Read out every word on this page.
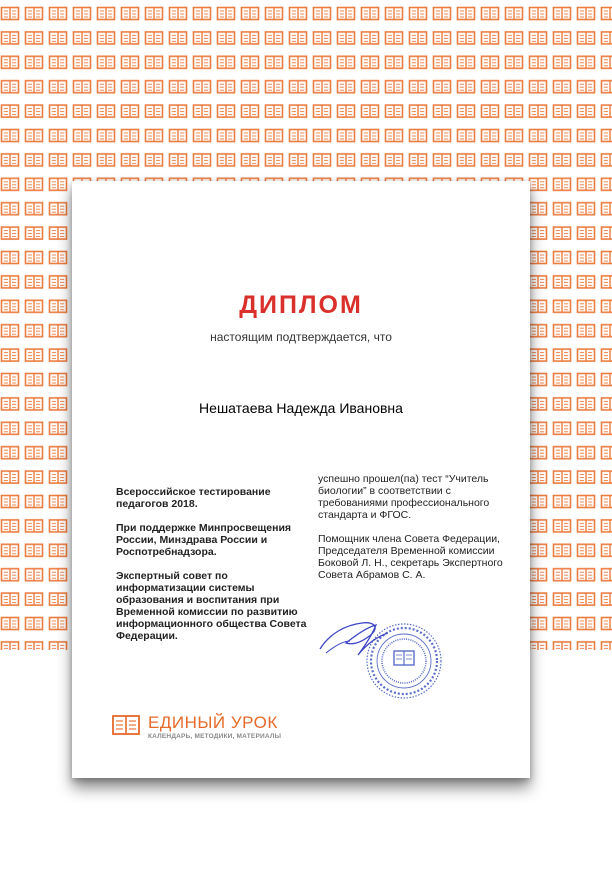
ДИПЛОМ
настоящим подтверждается, что
Нешатаева Надежда Ивановна

Всероссийское тестирование педагогов 2018.

При поддержке Минпросвещения России, Минздрава России и Роспотребнадзора.

Экспертный совет по информатизации системы образования и воспитания при Временной комиссии по развитию информационного общества Совета Федерации.

успешно прошел(па) тест “Учитель биологии” в соответствии с требованиями профессионального стандарта и ФГОС.

Помощник члена Совета Федерации, Председателя Временной комиссии Боковой Л. Н., секретарь Экспертного Совета Абрамов С. А.

ЕДИНЫЙ УРОК
КАЛЕНДАРЬ, МЕТОДИКИ, МАТЕРИАЛЫ
